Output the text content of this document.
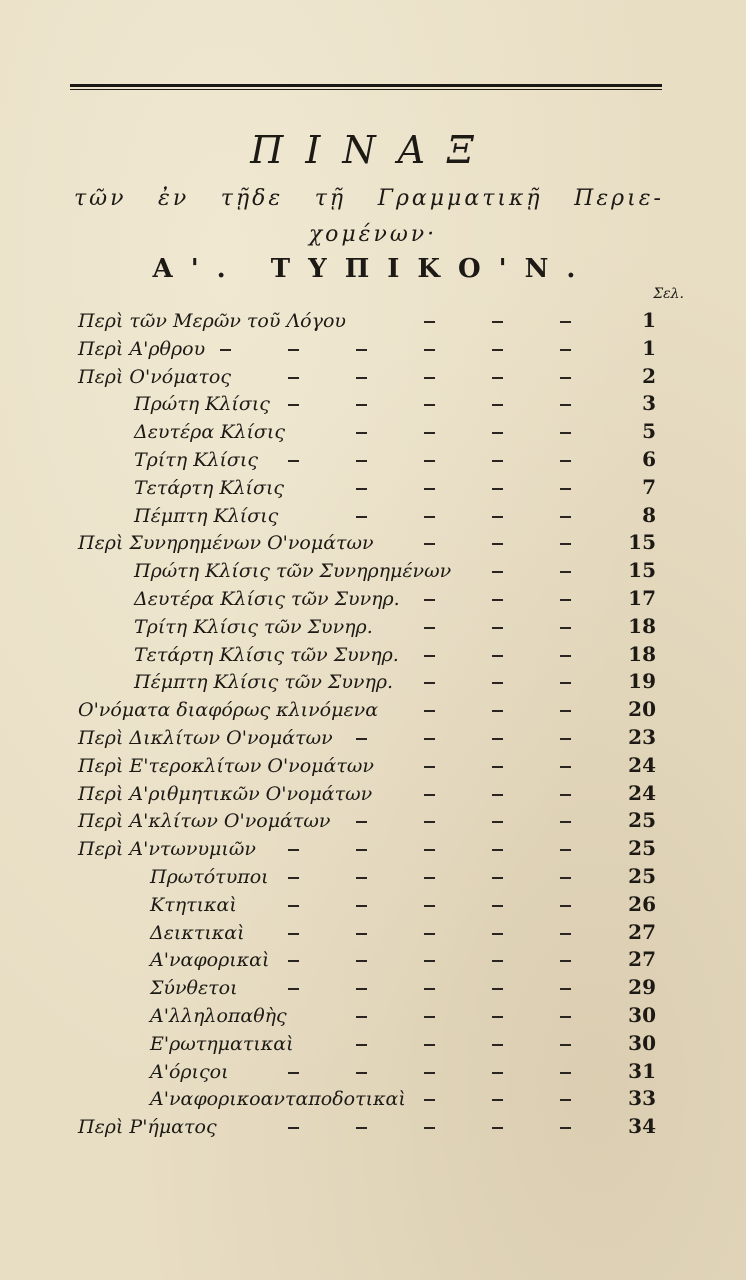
ΠΙΝΑΞ
τῶν ἐν τῇδε τῇ Γραμματικῇ Περιε-
χομένων·
Α'. ΤΥΠΙΚΟ'Ν.
Σελ.
Περὶ τῶν Μερῶν τοῦ Λόγου	1
Περὶ Α'ρθρου	1
Περὶ Ο'νόματος	2
Πρώτη Κλίσις	3
Δευτέρα Κλίσις	5
Τρίτη Κλίσις	6
Τετάρτη Κλίσις	7
Πέμπτη Κλίσις	8
Περὶ Συνηρημένων Ο'νομάτων	15
Πρώτη Κλίσις τῶν Συνηρημένων	15
Δευτέρα Κλίσις τῶν Συνηρ.	17
Τρίτη Κλίσις τῶν Συνηρ.	18
Τετάρτη Κλίσις τῶν Συνηρ.	18
Πέμπτη Κλίσις τῶν Συνηρ.	19
Ο'νόματα διαφόρως κλινόμενα	20
Περὶ Δικλίτων Ο'νομάτων	23
Περὶ Ε'τεροκλίτων Ο'νομάτων	24
Περὶ Α'ριθμητικῶν Ο'νομάτων	24
Περὶ Α'κλίτων Ο'νομάτων	25
Περὶ Α'ντωνυμιῶν	25
Πρωτότυποι	25
Κτητικαὶ	26
Δεικτικαὶ	27
Α'ναφορικαὶ	27
Σύνθετοι	29
Α'λληλοπαθὴς	30
Ε'ρωτηματικαὶ	30
Α'όριςοι	31
Α'ναφορικοανταποδοτικαὶ	33
Περὶ Ρ'ήματος	34
